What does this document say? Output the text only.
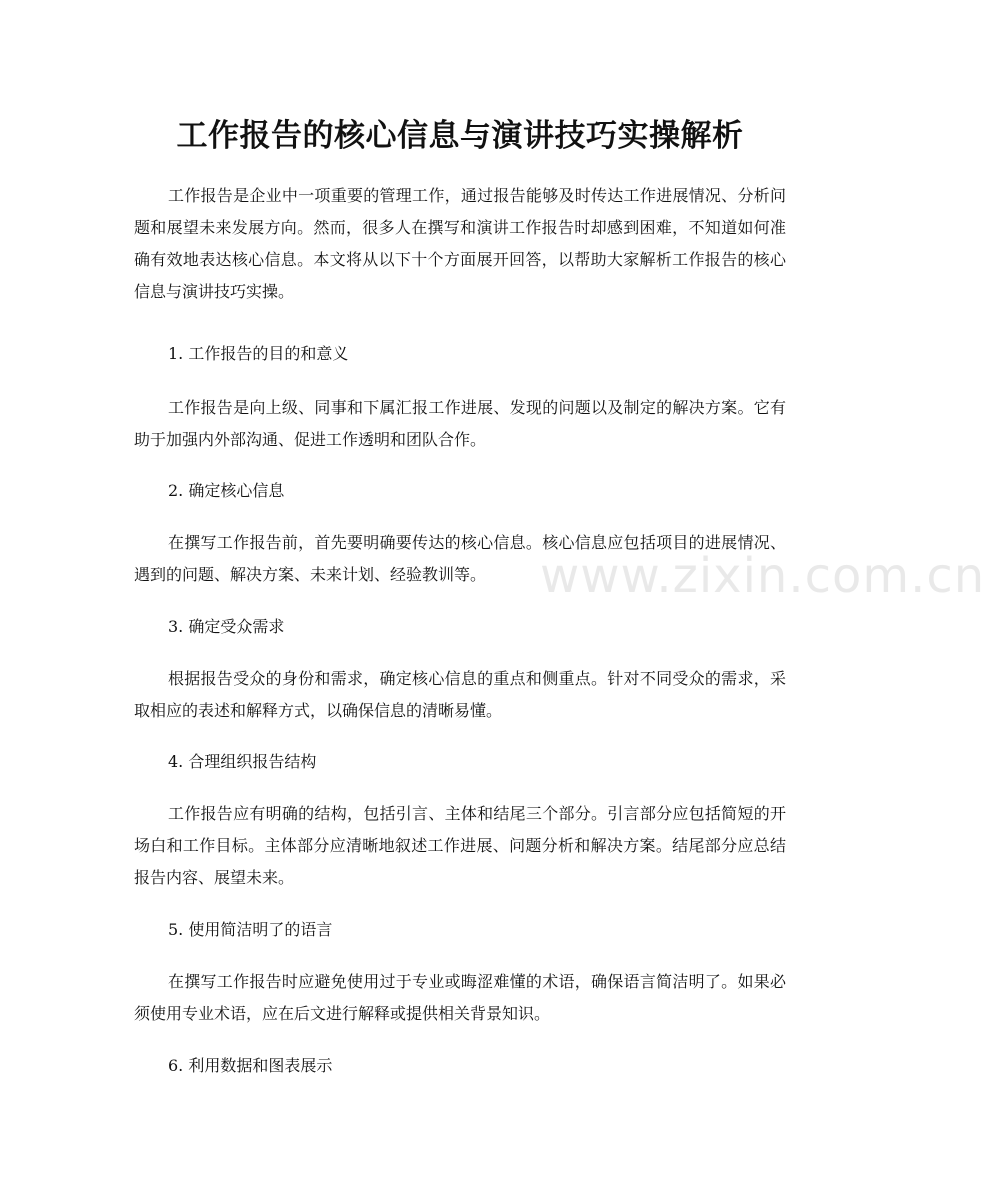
工作报告的核心信息与演讲技巧实操解析

工作报告是企业中一项重要的管理工作，通过报告能够及时传达工作进展情况、分析问题和展望未来发展方向。然而，很多人在撰写和演讲工作报告时却感到困难，不知道如何准确有效地表达核心信息。本文将从以下十个方面展开回答，以帮助大家解析工作报告的核心信息与演讲技巧实操。

1. 工作报告的目的和意义

工作报告是向上级、同事和下属汇报工作进展、发现的问题以及制定的解决方案。它有助于加强内外部沟通、促进工作透明和团队合作。

2. 确定核心信息

在撰写工作报告前，首先要明确要传达的核心信息。核心信息应包括项目的进展情况、遇到的问题、解决方案、未来计划、经验教训等。

3. 确定受众需求

根据报告受众的身份和需求，确定核心信息的重点和侧重点。针对不同受众的需求，采取相应的表述和解释方式，以确保信息的清晰易懂。

4. 合理组织报告结构

工作报告应有明确的结构，包括引言、主体和结尾三个部分。引言部分应包括简短的开场白和工作目标。主体部分应清晰地叙述工作进展、问题分析和解决方案。结尾部分应总结报告内容、展望未来。

5. 使用简洁明了的语言

在撰写工作报告时应避免使用过于专业或晦涩难懂的术语，确保语言简洁明了。如果必须使用专业术语，应在后文进行解释或提供相关背景知识。

6. 利用数据和图表展示

www.zixin.com.cn
